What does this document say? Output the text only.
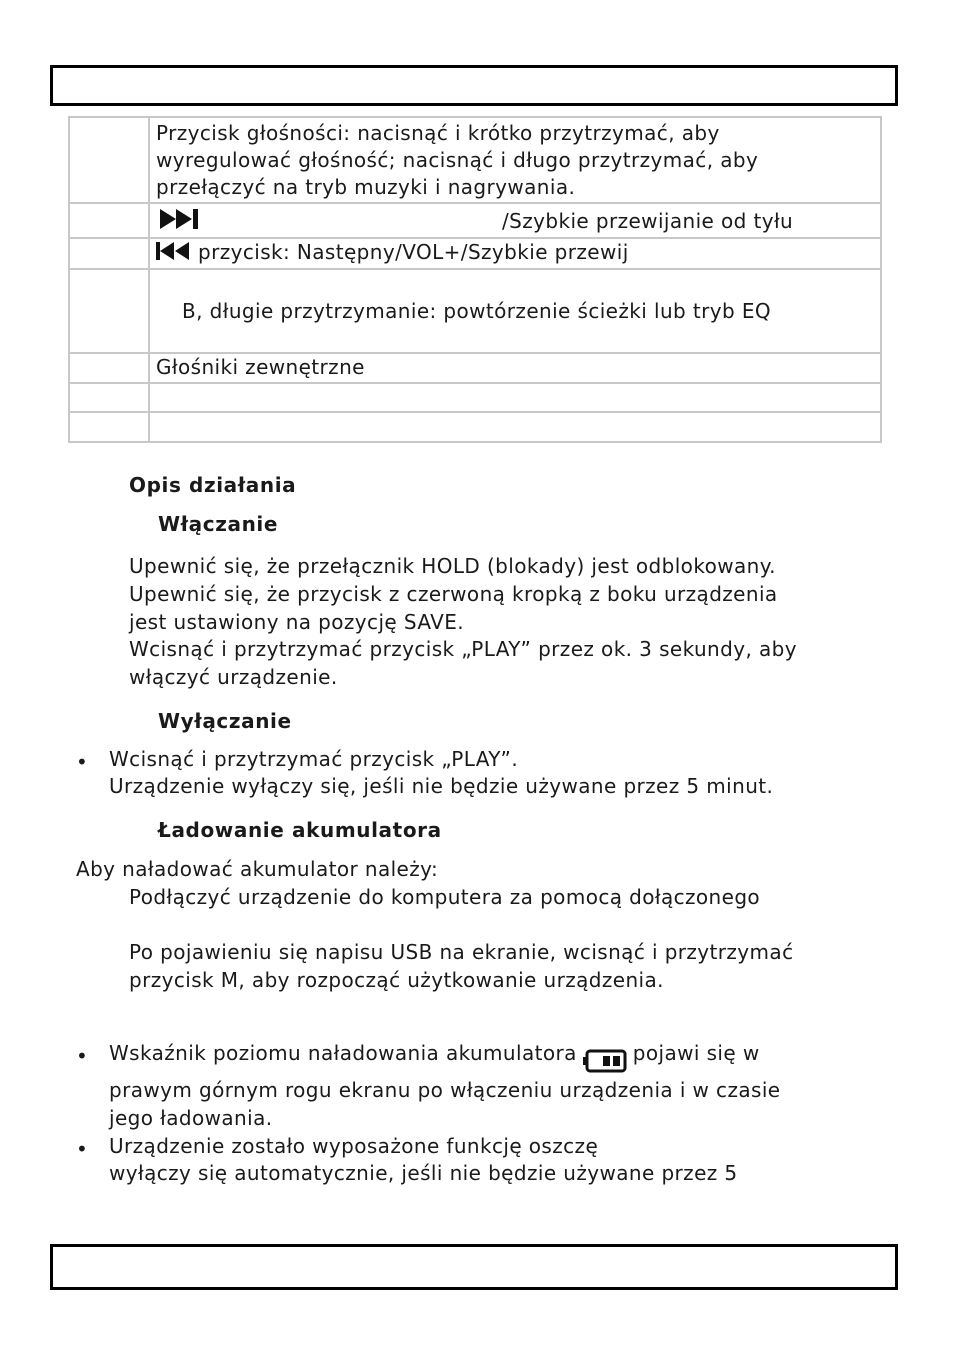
	Przycisk głośności: nacisnąć i krótko przytrzymać, aby
wyregulować głośność; nacisnąć i długo przytrzymać, aby
przełączyć na tryb muzyki i nagrywania.

	/Szybkie przewijanie od tyłu

	przycisk: Następny/VOL+/Szybkie przewij
	B, długie przytrzymanie: powtórzenie ścieżki lub tryb EQ
	Głośniki zewnętrzne

Opis działania
Włączanie
Upewnić się, że przełącznik HOLD (blokady) jest odblokowany.
Upewnić się, że przycisk z czerwoną kropką z boku urządzenia
jest ustawiony na pozycję SAVE.
Wcisnąć i przytrzymać przycisk „PLAY” przez ok. 3 sekundy, aby
włączyć urządzenie.
Wyłączanie
• Wcisnąć i przytrzymać przycisk „PLAY”.
Urządzenie wyłączy się, jeśli nie będzie używane przez 5 minut.
Ładowanie akumulatora
Aby naładować akumulator należy:
Podłączyć urządzenie do komputera za pomocą dołączonego
Po pojawieniu się napisu USB na ekranie, wcisnąć i przytrzymać
przycisk M, aby rozpocząć użytkowanie urządzenia.
• Wskaźnik poziomu naładowania akumulatora	pojawi się w
prawym górnym rogu ekranu po włączeniu urządzenia i w czasie
jego ładowania.
• Urządzenie zostało wyposażone funkcję oszczę
wyłączy się automatycznie, jeśli nie będzie używane przez 5
